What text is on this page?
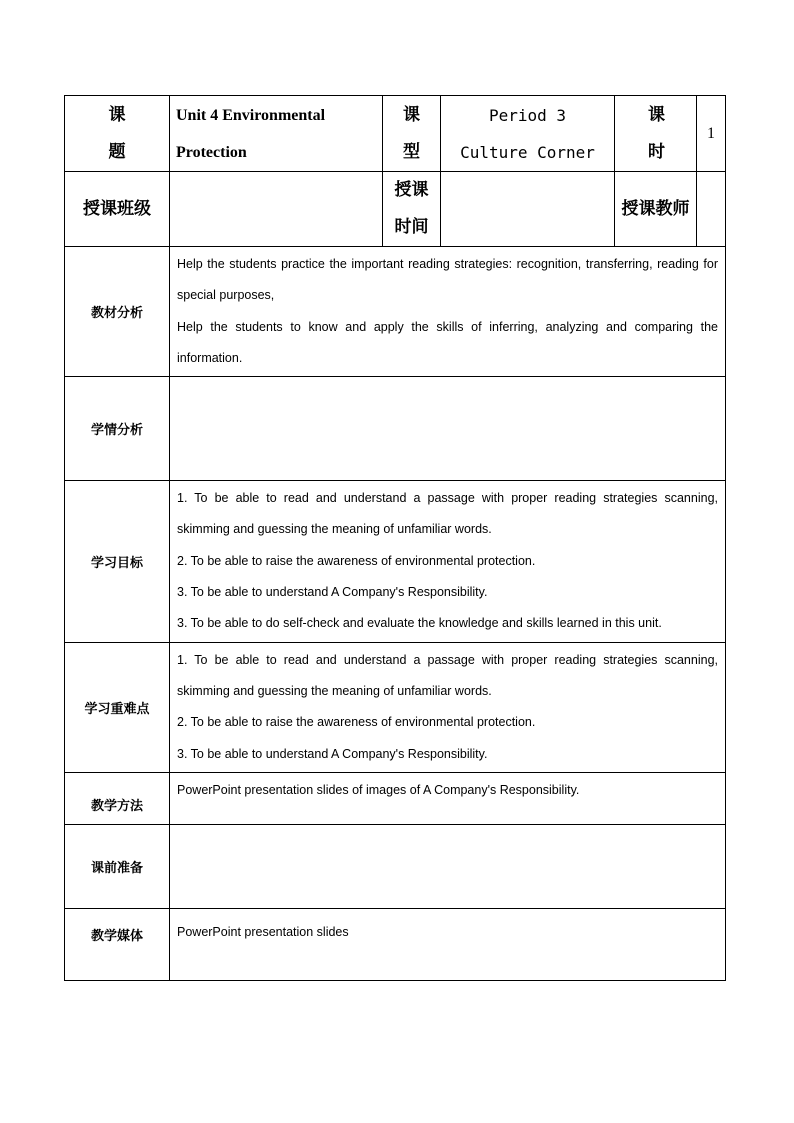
课 题	Unit 4 Environmental Protection	课型	Period 3 Culture Corner	课 时	1
授课班级		授课时间		授课教师	
教材分析	Help the students practice the important reading strategies: recognition, transferring, reading for special purposes,

Help the students to know and apply the skills of inferring, analyzing and comparing the information.				

学情分析					
学习目标	1. To be able to read and understand a passage with proper reading strategies scanning, skimming and guessing the meaning of unfamiliar words.

2. To be able to raise the awareness of environmental protection.

3. To be able to understand A Company's Responsibility.

3. To be able to do self-check and evaluate the knowledge and skills learned in this unit.				

学习重难点	1. To be able to read and understand a passage with proper reading strategies scanning, skimming and guessing the meaning of unfamiliar words.

2. To be able to raise the awareness of environmental protection.

3. To be able to understand A Company's Responsibility.				

教学方法	PowerPoint presentation slides of images of A Company's Responsibility.				

课前准备					
教学媒体	PowerPoint presentation slides				
